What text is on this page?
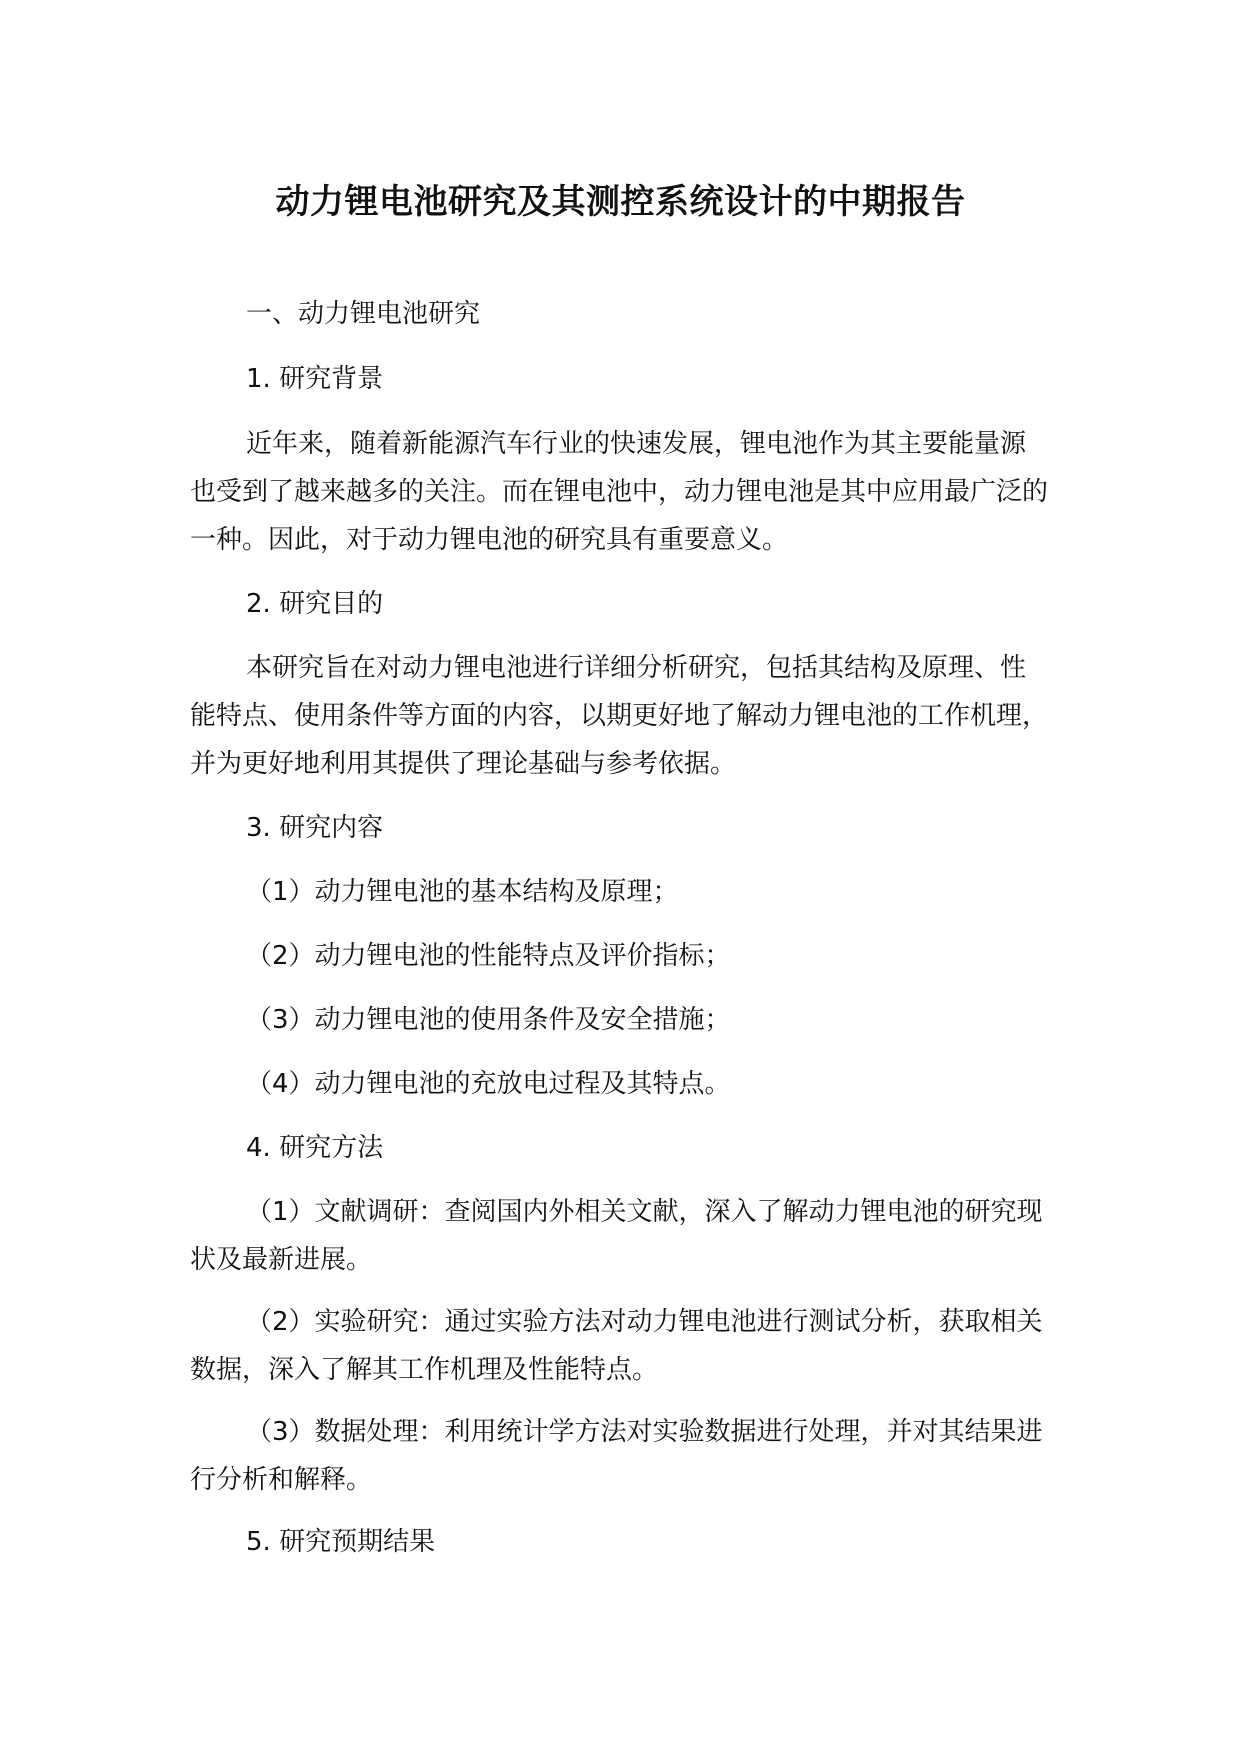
动力锂电池研究及其测控系统设计的中期报告

一、动力锂电池研究

1. 研究背景

近年来，随着新能源汽车行业的快速发展，锂电池作为其主要能量源也受到了越来越多的关注。而在锂电池中，动力锂电池是其中应用最广泛的一种。因此，对于动力锂电池的研究具有重要意义。

2. 研究目的

本研究旨在对动力锂电池进行详细分析研究，包括其结构及原理、性能特点、使用条件等方面的内容，以期更好地了解动力锂电池的工作机理，并为更好地利用其提供了理论基础与参考依据。

3. 研究内容

（1）动力锂电池的基本结构及原理；

（2）动力锂电池的性能特点及评价指标；

（3）动力锂电池的使用条件及安全措施；

（4）动力锂电池的充放电过程及其特点。

4. 研究方法

（1）文献调研：查阅国内外相关文献，深入了解动力锂电池的研究现状及最新进展。

（2）实验研究：通过实验方法对动力锂电池进行测试分析，获取相关数据，深入了解其工作机理及性能特点。

（3）数据处理：利用统计学方法对实验数据进行处理，并对其结果进行分析和解释。

5. 研究预期结果
